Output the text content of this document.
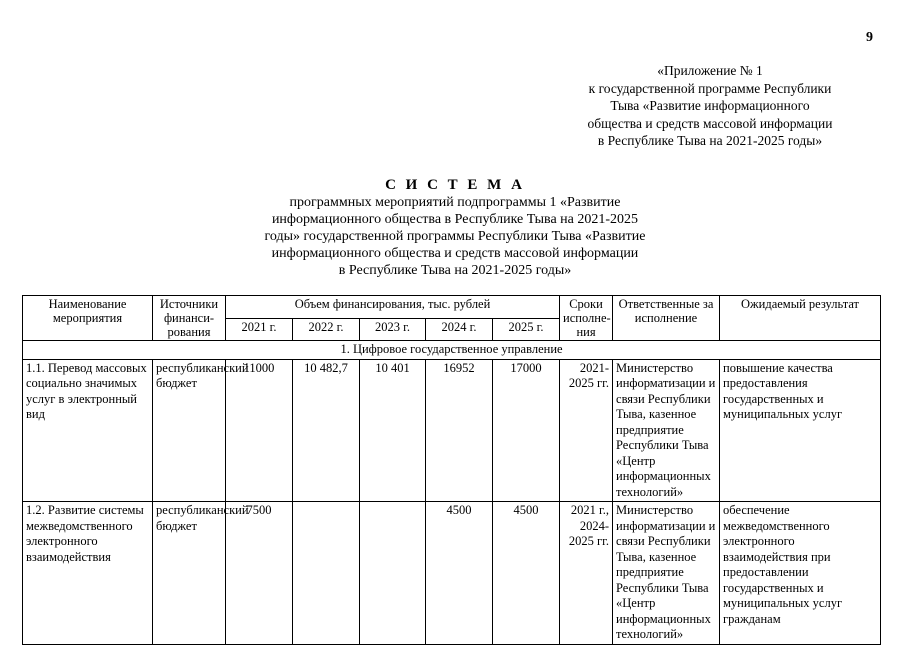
9
«Приложение № 1
к государственной программе Республики
Тыва «Развитие информационного
общества и средств массовой информации
в Республике Тыва на 2021-2025 годы»
С И С Т Е М А
программных мероприятий подпрограммы 1 «Развитие
информационного общества в Республике Тыва на 2021-2025
годы» государственной программы Республики Тыва «Развитие
информационного общества и средств массовой информации
в Республике Тыва на 2021-2025 годы»
Наименование мероприятия	Источники финанси-рования	Объем финансирования, тыс. рублей					Сроки исполне-ния	Ответственные за исполнение	Ожидаемый результат
		2021 г.	2022 г.	2023 г.	2024 г.	2025 г.			
1. Цифровое государственное управление									
1.1. Перевод массовых социально значимых услуг в электронный вид	республиканский бюджет	11000	10 482,7	10 401	16952	17000	2021-2025 гг.	Министерство информатизации и связи Республики Тыва, казенное предприятие Республики Тыва «Центр информационных технологий»	повышение качества предоставления государственных и муниципальных услуг
1.2. Развитие системы межведомственного электронного взаимодействия	республиканский бюджет	7500			4500	4500	2021 г., 2024-2025 гг.	Министерство информатизации и связи Республики Тыва, казенное предприятие Республики Тыва «Центр информационных технологий»	обеспечение межведомственного электронного взаимодействия при предоставлении государственных и муниципальных услуг гражданам
